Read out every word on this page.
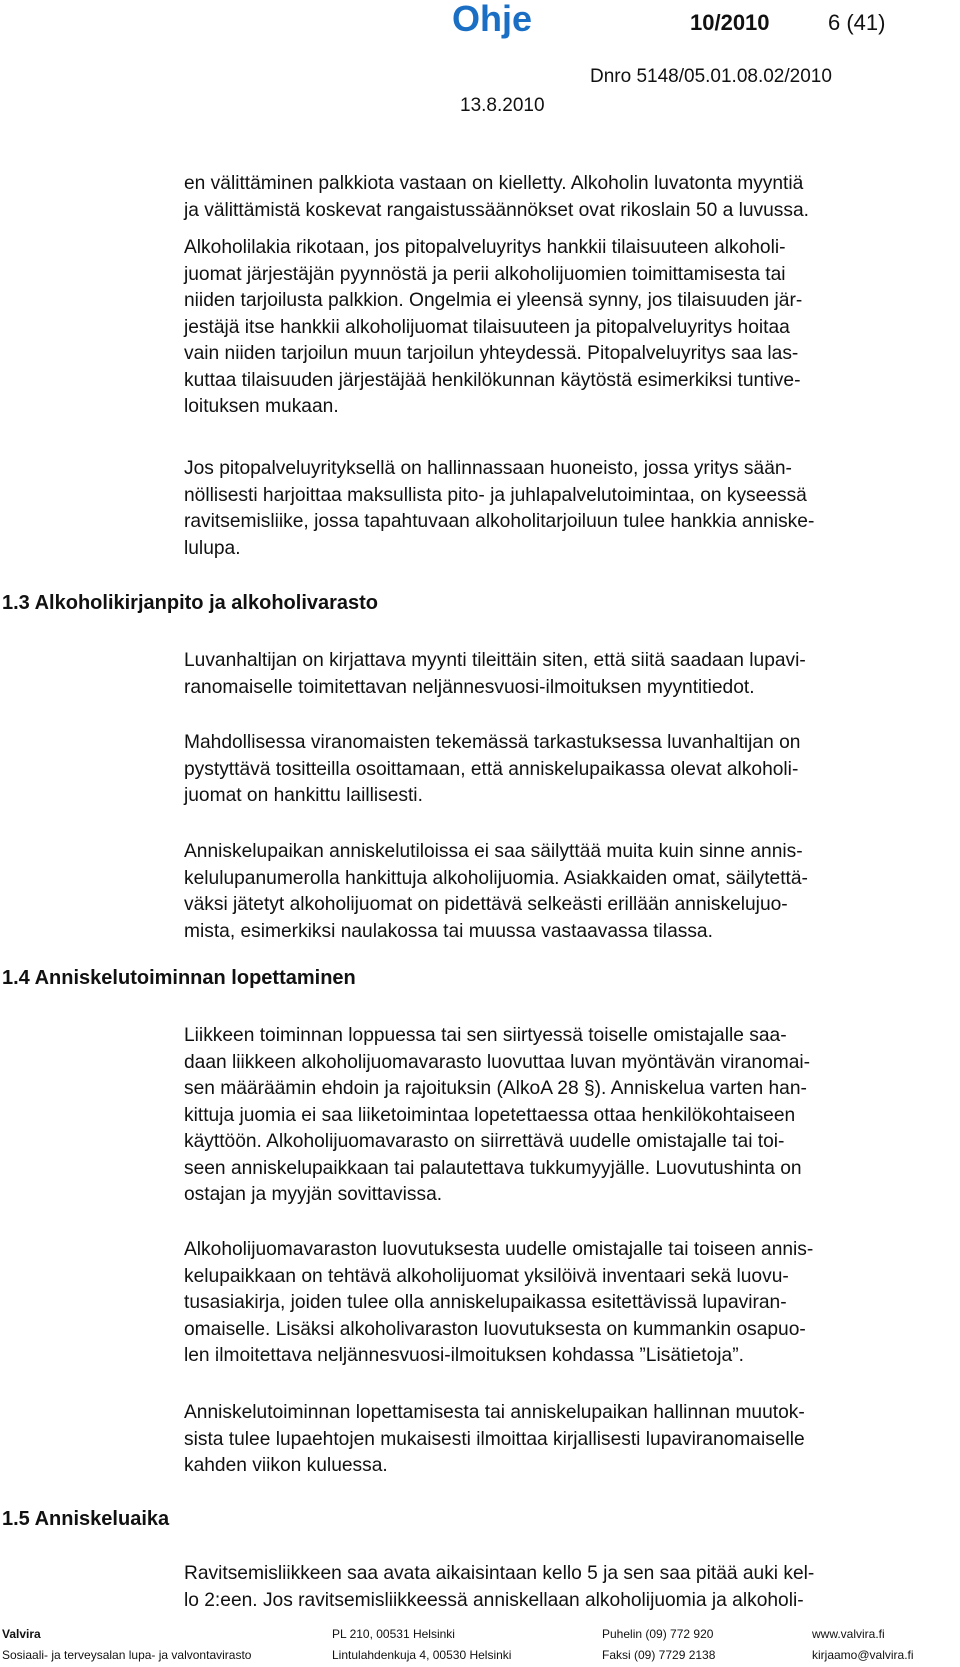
Ohje	10/2010	6 (41)
Dnro 5148/05.01.08.02/2010
13.8.2010
en välittäminen palkkiota vastaan on kielletty. Alkoholin luvatonta myyntiä
ja välittämistä koskevat rangaistussäännökset ovat rikoslain 50 a luvussa.
Alkoholilakia rikotaan, jos pitopalveluyritys hankkii tilaisuuteen alkoholi-
juomat järjestäjän pyynnöstä ja perii alkoholijuomien toimittamisesta tai
niiden tarjoilusta palkkion. Ongelmia ei yleensä synny, jos tilaisuuden jär-
jestäjä itse hankkii alkoholijuomat tilaisuuteen ja pitopalveluyritys hoitaa
vain niiden tarjoilun muun tarjoilun yhteydessä. Pitopalveluyritys saa las-
kuttaa tilaisuuden järjestäjää henkilökunnan käytöstä esimerkiksi tuntive-
loituksen mukaan.
Jos pitopalveluyrityksellä on hallinnassaan huoneisto, jossa yritys sään-
nöllisesti harjoittaa maksullista pito- ja juhlapalvelutoimintaa, on kyseessä
ravitsemisliike, jossa tapahtuvaan alkoholitarjoiluun tulee hankkia anniske-
lulupa.
1.3 Alkoholikirjanpito ja alkoholivarasto
Luvanhaltijan on kirjattava myynti tileittäin siten, että siitä saadaan lupavi-
ranomaiselle toimitettavan neljännesvuosi-ilmoituksen myyntitiedot.
Mahdollisessa viranomaisten tekemässä tarkastuksessa luvanhaltijan on
pystyttävä tositteilla osoittamaan, että anniskelupaikassa olevat alkoholi-
juomat on hankittu laillisesti.
Anniskelupaikan anniskelutiloissa ei saa säilyttää muita kuin sinne annis-
kelulupanumerolla hankittuja alkoholijuomia. Asiakkaiden omat, säilytettä-
väksi jätetyt alkoholijuomat on pidettävä selkeästi erillään anniskelujuo-
mista, esimerkiksi naulakossa tai muussa vastaavassa tilassa.
1.4 Anniskelutoiminnan lopettaminen
Liikkeen toiminnan loppuessa tai sen siirtyessä toiselle omistajalle saa-
daan liikkeen alkoholijuomavarasto luovuttaa luvan myöntävän viranomai-
sen määräämin ehdoin ja rajoituksin (AlkoA 28 §). Anniskelua varten han-
kittuja juomia ei saa liiketoimintaa lopetettaessa ottaa henkilökohtaiseen
käyttöön. Alkoholijuomavarasto on siirrettävä uudelle omistajalle tai toi-
seen anniskelupaikkaan tai palautettava tukkumyyjälle. Luovutushinta on
ostajan ja myyjän sovittavissa.
Alkoholijuomavaraston luovutuksesta uudelle omistajalle tai toiseen annis-
kelupaikkaan on tehtävä alkoholijuomat yksilöivä inventaari sekä luovu-
tusasiakirja, joiden tulee olla anniskelupaikassa esitettävissä lupaviran-
omaiselle. Lisäksi alkoholivaraston luovutuksesta on kummankin osapuo-
len ilmoitettava neljännesvuosi-ilmoituksen kohdassa ”Lisätietoja”.
Anniskelutoiminnan lopettamisesta tai anniskelupaikan hallinnan muutok-
sista tulee lupaehtojen mukaisesti ilmoittaa kirjallisesti lupaviranomaiselle
kahden viikon kuluessa.
1.5 Anniskeluaika
Ravitsemisliikkeen saa avata aikaisintaan kello 5 ja sen saa pitää auki kel-
lo 2:een. Jos ravitsemisliikkeessä anniskellaan alkoholijuomia ja alkoholi-
Valvira	PL 210, 00531 Helsinki	Puhelin (09) 772 920	www.valvira.fi
Sosiaali- ja terveysalan lupa- ja valvontavirasto	Lintulahdenkuja 4, 00530 Helsinki	Faksi (09) 7729 2138	kirjaamo@valvira.fi
